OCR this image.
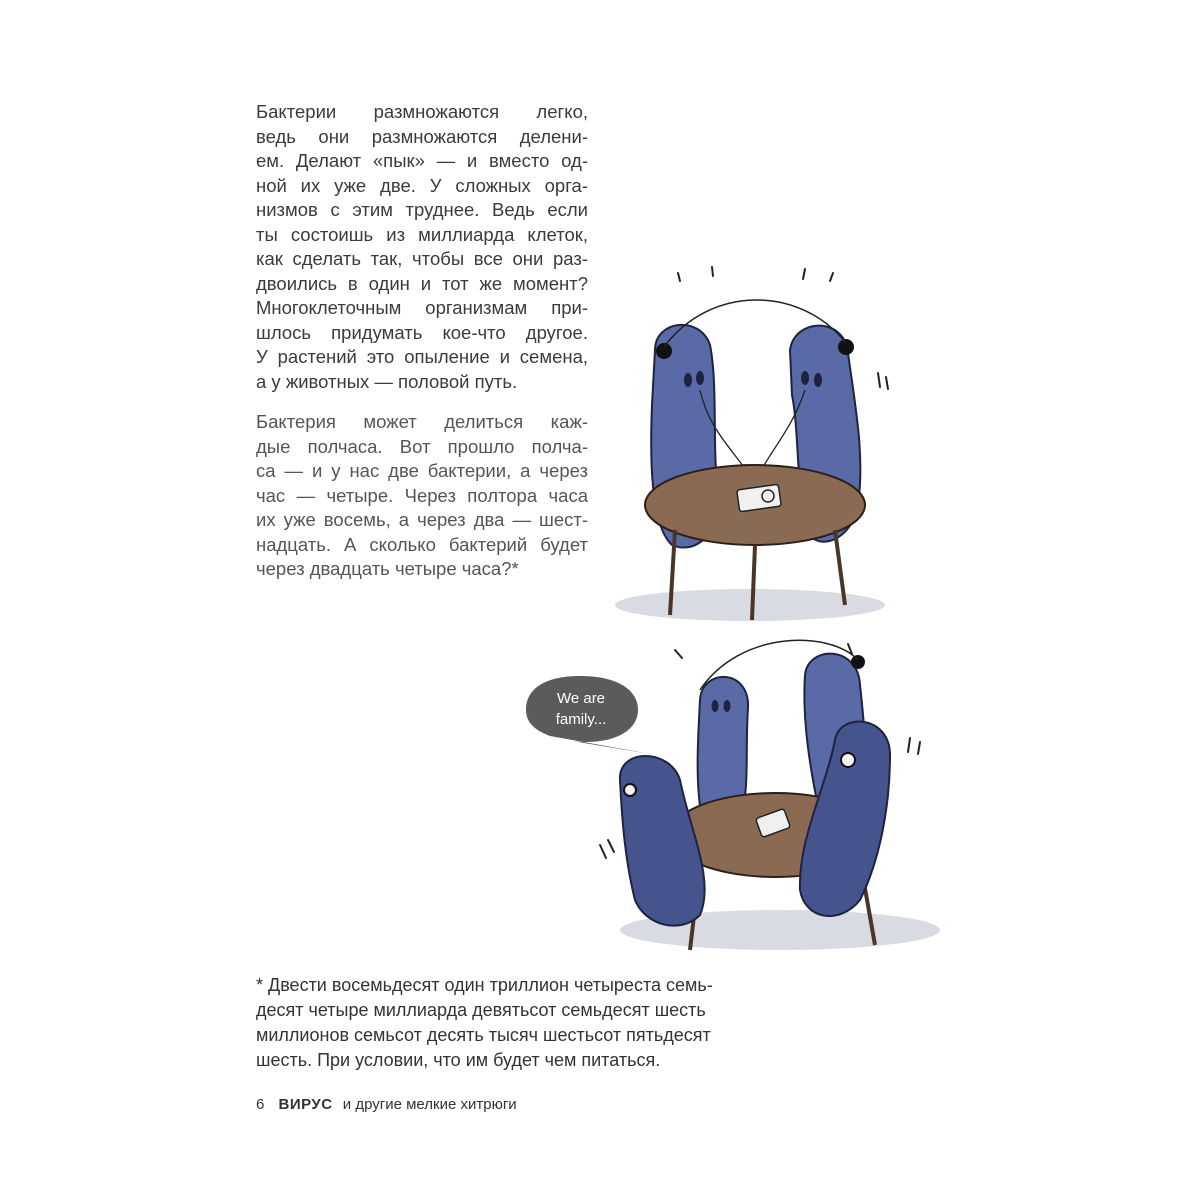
Бактерии размножаются легко,
ведь они размножаются делени-
ем. Делают «пык» — и вместо од-
ной их уже две. У сложных орга-
низмов с этим труднее. Ведь если
ты состоишь из миллиарда клеток,
как сделать так, чтобы все они раз-
двоились в один и тот же момент?
Многоклеточным организмам при-
шлось придумать кое-что другое.
У растений это опыление и семена,
а у животных — половой путь.

Бактерия может делиться каж-
дые полчаса. Вот прошло полча-
са — и у нас две бактерии, а через
час — четыре. Через полтора часа
их уже восемь, а через два — шест-
надцать. А сколько бактерий будет
через двадцать четыре часа?*

We are
family...

* Двести восемьдесят один триллион четыреста семь-
десят четыре миллиарда девятьсот семьдесят шесть
миллионов семьсот десять тысяч шестьсот пятьдесят
шесть. При условии, что им будет чем питаться.

6 ВИРУС и другие мелкие хитрюги
